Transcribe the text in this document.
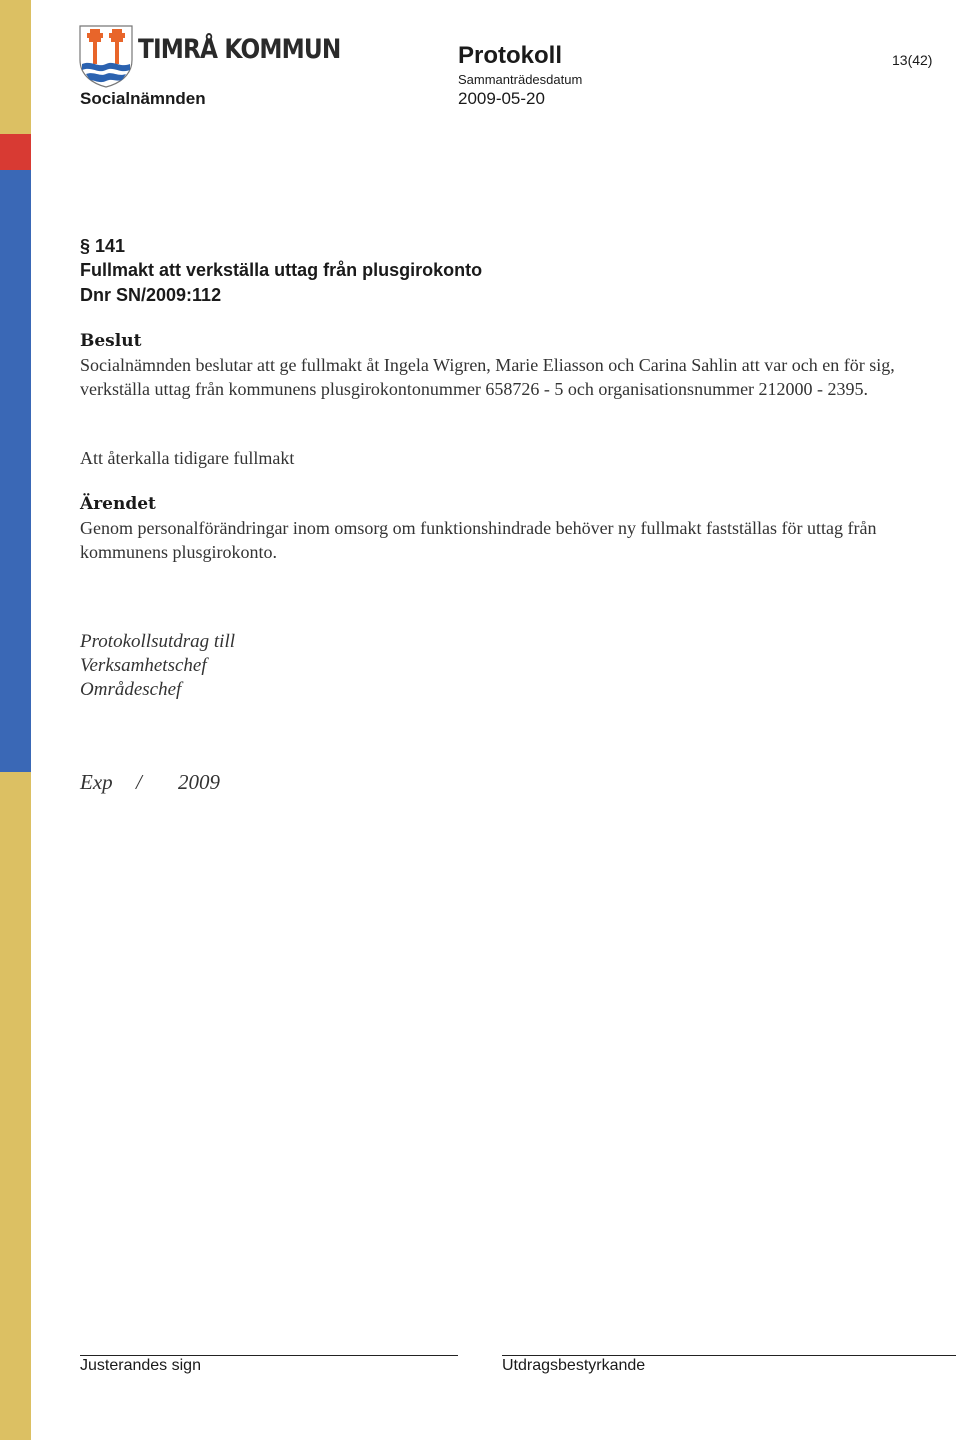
TIMRÅ KOMMUN	Protokoll	13(42)
Sammanträdesdatum
Socialnämnden	2009-05-20
§ 141
Fullmakt att verkställa uttag från plusgirokonto
Dnr SN/2009:112
Beslut
Socialnämnden beslutar att ge fullmakt åt Ingela Wigren, Marie Eliasson och Carina Sahlin att var och en för sig, verkställa uttag från kommunens plusgirokontonummer 658726 - 5 och organisationsnummer 212000 - 2395.
Att återkalla tidigare fullmakt
Ärendet
Genom personalförändringar inom omsorg om funktionshindrade behöver ny fullmakt fastställas för uttag från kommunens plusgirokonto.
Protokollsutdrag till
Verksamhetschef
Områdeschef
Exp / 2009
Justerandes sign	Utdragsbestyrkande
